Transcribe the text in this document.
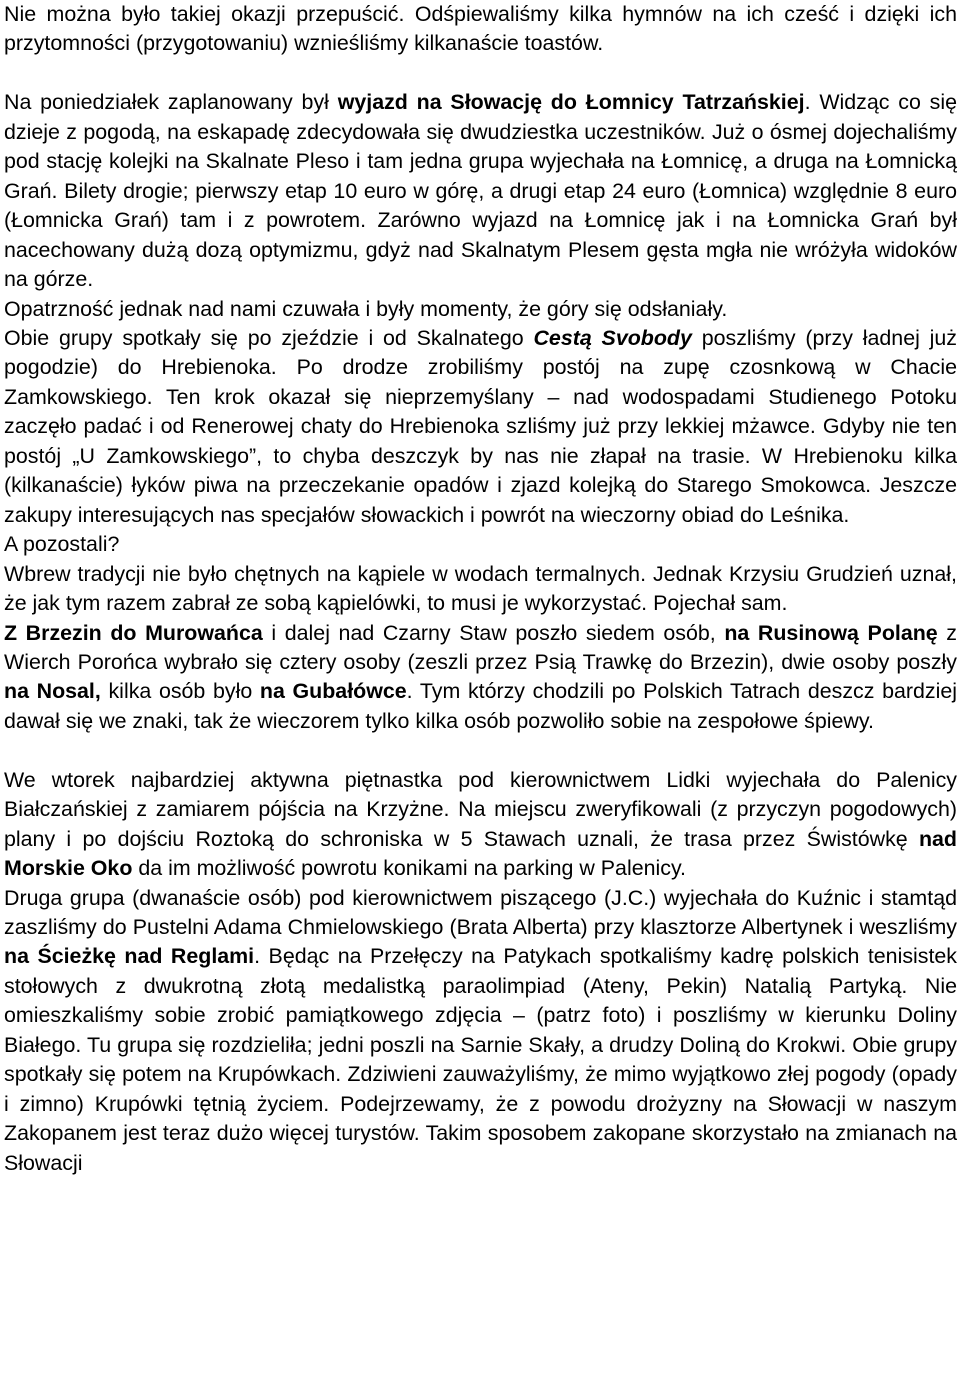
Nie można było takiej okazji przepuścić. Odśpiewaliśmy kilka hymnów na ich cześć i dzięki ich przytomności (przygotowaniu) wznieśliśmy kilkanaście toastów.

Na poniedziałek zaplanowany był wyjazd na Słowację do Łomnicy Tatrzańskiej. Widząc co się dzieje z pogodą, na eskapadę zdecydowała się dwudziestka uczestników. Już o ósmej dojechaliśmy pod stację kolejki na Skalnate Pleso i tam jedna grupa wyjechała na Łomnicę, a druga na Łomnicką Grań. Bilety drogie; pierwszy etap 10 euro w górę, a drugi etap 24 euro (Łomnica) względnie 8 euro (Łomnicka Grań) tam i z powrotem. Zarówno wyjazd na Łomnicę jak i na Łomnicka Grań był nacechowany dużą dozą optymizmu, gdyż nad Skalnatym Plesem gęsta mgła nie wróżyła widoków na górze.

Opatrzność jednak nad nami czuwała i były momenty, że góry się odsłaniały.

Obie grupy spotkały się po zjeździe i od Skalnatego Cestą Svobody poszliśmy (przy ładnej już pogodzie) do Hrebienoka. Po drodze zrobiliśmy postój na zupę czosnkową w Chacie Zamkowskiego. Ten krok okazał się nieprzemyślany – nad wodospadami Studienego Potoku zaczęło padać i od Renerowej chaty do Hrebienoka szliśmy już przy lekkiej mżawce. Gdyby nie ten postój „U Zamkowskiego”, to chyba deszczyk by nas nie złapał na trasie. W Hrebienoku kilka (kilkanaście) łyków piwa na przeczekanie opadów i zjazd kolejką do Starego Smokowca. Jeszcze zakupy interesujących nas specjałów słowackich i powrót na wieczorny obiad do Leśnika.

A pozostali?

Wbrew tradycji nie było chętnych na kąpiele w wodach termalnych. Jednak Krzysiu Grudzień uznał, że jak tym razem zabrał ze sobą kąpielówki, to musi je wykorzystać. Pojechał sam.

Z Brzezin do Murowańca i dalej nad Czarny Staw poszło siedem osób, na Rusinową Polanę z Wierch Porońca wybrało się cztery osoby (zeszli przez Psią Trawkę do Brzezin), dwie osoby poszły na Nosal, kilka osób było na Gubałówce. Tym którzy chodzili po Polskich Tatrach deszcz bardziej dawał się we znaki, tak że wieczorem tylko kilka osób pozwoliło sobie na zespołowe śpiewy.

We wtorek najbardziej aktywna piętnastka pod kierownictwem Lidki wyjechała do Palenicy Białczańskiej z zamiarem pójścia na Krzyżne. Na miejscu zweryfikowali (z przyczyn pogodowych) plany i po dojściu Roztoką do schroniska w 5 Stawach uznali, że trasa przez Świstówkę nad Morskie Oko da im możliwość powrotu konikami na parking w Palenicy.

Druga grupa (dwanaście osób) pod kierownictwem piszącego (J.C.) wyjechała do Kuźnic i stamtąd zaszliśmy do Pustelni Adama Chmielowskiego (Brata Alberta) przy klasztorze Albertynek i weszliśmy na Ścieżkę nad Reglami. Będąc na Przełęczy na Patykach spotkaliśmy kadrę polskich tenisistek stołowych z dwukrotną złotą medalistką paraolimpiad (Ateny, Pekin) Natalią Partyką. Nie omieszkaliśmy sobie zrobić pamiątkowego zdjęcia – (patrz foto) i poszliśmy w kierunku Doliny Białego. Tu grupa się rozdzieliła; jedni poszli na Sarnie Skały, a drudzy Doliną do Krokwi. Obie grupy spotkały się potem na Krupówkach. Zdziwieni zauważyliśmy, że mimo wyjątkowo złej pogody (opady i zimno) Krupówki tętnią życiem. Podejrzewamy, że z powodu drożyzny na Słowacji w naszym Zakopanem jest teraz dużo więcej turystów. Takim sposobem zakopane skorzystało na zmianach na Słowacji
